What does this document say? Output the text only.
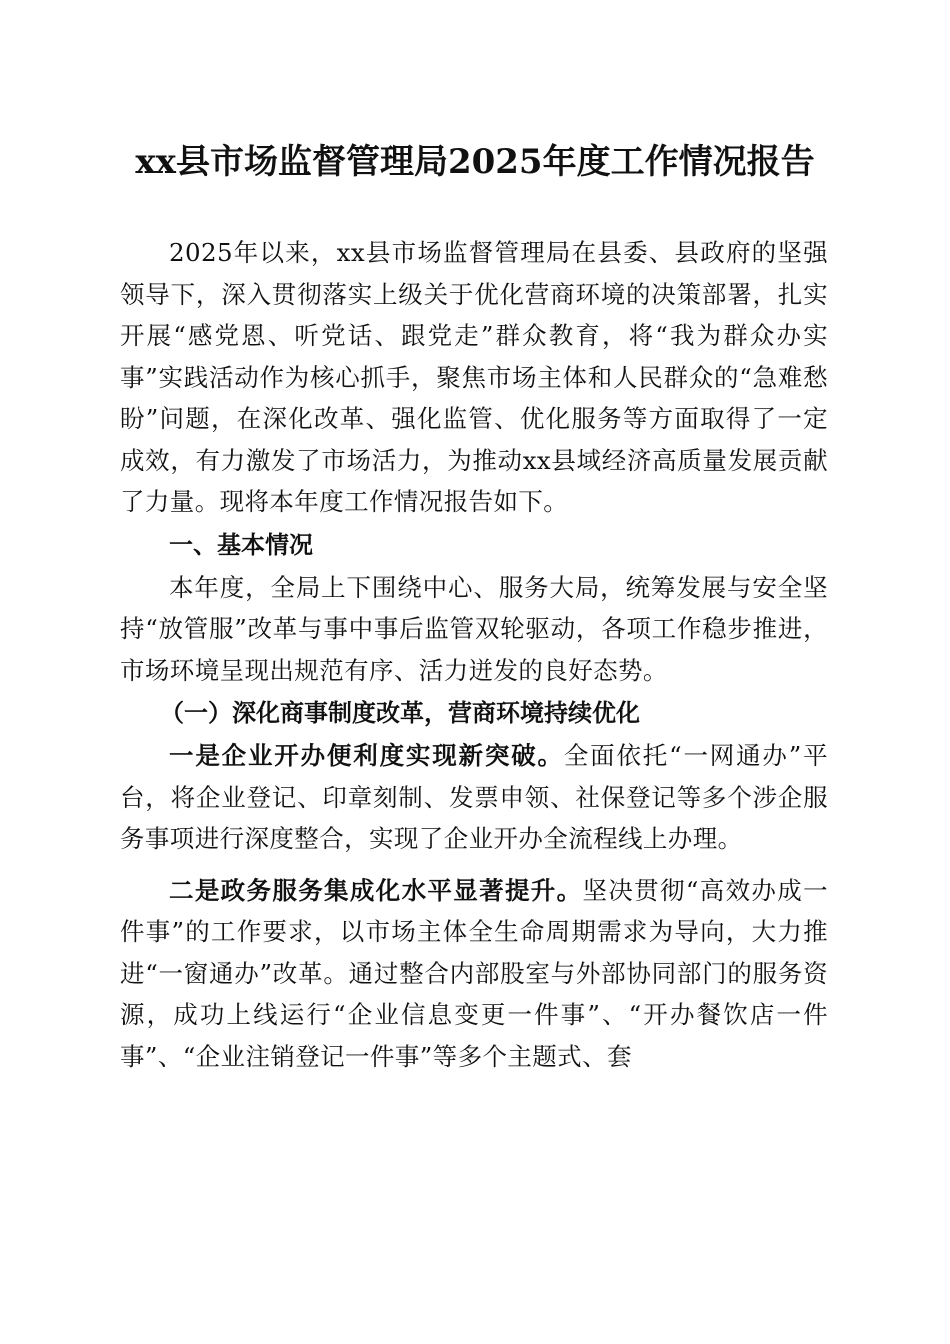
xx县市场监督管理局2025年度工作情况报告

2025年以来，xx县市场监督管理局在县委、县政府的坚强领导下，深入贯彻落实上级关于优化营商环境的决策部署，扎实开展“感党恩、听党话、跟党走”群众教育，将“我为群众办实事”实践活动作为核心抓手，聚焦市场主体和人民群众的“急难愁盼”问题，在深化改革、强化监管、优化服务等方面取得了一定成效，有力激发了市场活力，为推动xx县域经济高质量发展贡献了力量。现将本年度工作情况报告如下。

一、基本情况

本年度，全局上下围绕中心、服务大局，统筹发展与安全坚持“放管服”改革与事中事后监管双轮驱动，各项工作稳步推进，市场环境呈现出规范有序、活力迸发的良好态势。

（一）深化商事制度改革，营商环境持续优化

一是企业开办便利度实现新突破。全面依托“一网通办”平台，将企业登记、印章刻制、发票申领、社保登记等多个涉企服务事项进行深度整合，实现了企业开办全流程线上办理。

二是政务服务集成化水平显著提升。坚决贯彻“高效办成一件事”的工作要求，以市场主体全生命周期需求为导向，大力推进“一窗通办”改革。通过整合内部股室与外部协同部门的服务资源，成功上线运行“企业信息变更一件事”、“开办餐饮店一件事”、“企业注销登记一件事”等多个主题式、套
